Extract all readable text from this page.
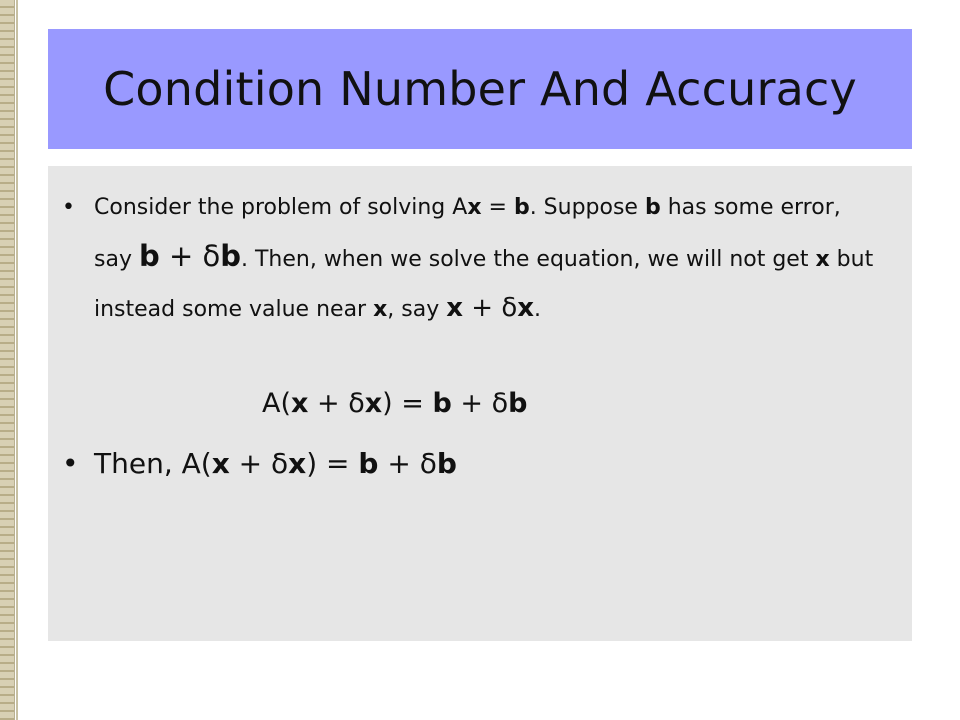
Condition Number And Accuracy
• Consider the problem of solving Ax = b. Suppose b has some error, say b + δb. Then, when we solve the equation, we will not get x but instead some value near x, say x + δx.
A(x + δx) = b + δb
• Then, A(x + δx) = b + δb
